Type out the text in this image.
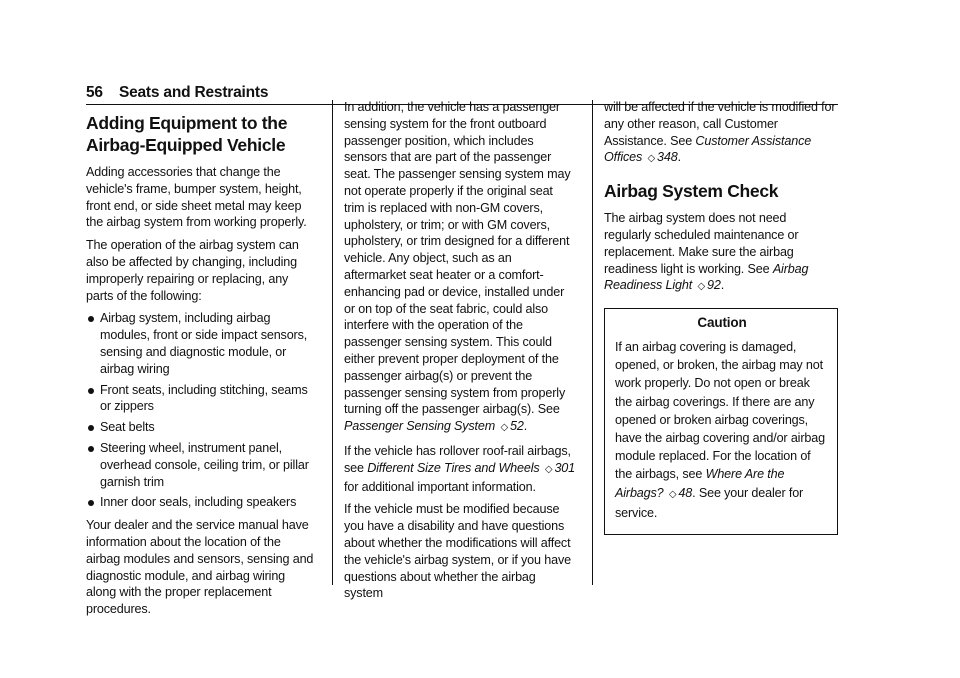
56 Seats and Restraints
Adding Equipment to the Airbag-Equipped Vehicle

Adding accessories that change the vehicle's frame, bumper system, height, front end, or side sheet metal may keep the airbag system from working properly.

The operation of the airbag system can also be affected by changing, including improperly repairing or replacing, any parts of the following:

Airbag system, including airbag modules, front or side impact sensors, sensing and diagnostic module, or airbag wiring
Front seats, including stitching, seams or zippers
Seat belts
Steering wheel, instrument panel, overhead console, ceiling trim, or pillar garnish trim
Inner door seals, including speakers

Your dealer and the service manual have information about the location of the airbag modules and sensors, sensing and diagnostic module, and airbag wiring along with the proper replacement procedures.

In addition, the vehicle has a passenger sensing system for the front outboard passenger position, which includes sensors that are part of the passenger seat. The passenger sensing system may not operate properly if the original seat trim is replaced with non-GM covers, upholstery, or trim; or with GM covers, upholstery, or trim designed for a different vehicle. Any object, such as an aftermarket seat heater or a comfort-enhancing pad or device, installed under or on top of the seat fabric, could also interfere with the operation of the passenger sensing system. This could either prevent proper deployment of the passenger airbag(s) or prevent the passenger sensing system from properly turning off the passenger airbag(s). See Passenger Sensing System ◇ 52.

If the vehicle has rollover roof-rail airbags, see Different Size Tires and Wheels ◇ 301 for additional important information.

If the vehicle must be modified because you have a disability and have questions about whether the modifications will affect the vehicle's airbag system, or if you have questions about whether the airbag system

will be affected if the vehicle is modified for any other reason, call Customer Assistance. See Customer Assistance Offices ◇ 348.

Airbag System Check

The airbag system does not need regularly scheduled maintenance or replacement. Make sure the airbag readiness light is working. See Airbag Readiness Light ◇ 92.

Caution
If an airbag covering is damaged, opened, or broken, the airbag may not work properly. Do not open or break the airbag coverings. If there are any opened or broken airbag coverings, have the airbag covering and/or airbag module replaced. For the location of the airbags, see Where Are the Airbags? ◇ 48. See your dealer for service.
